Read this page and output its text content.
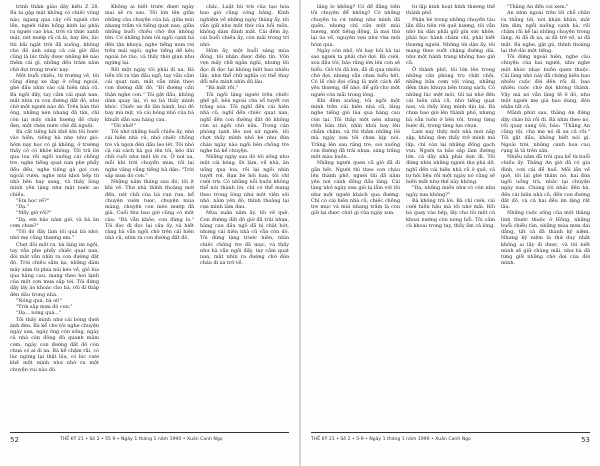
trình thăm giáo dây kiểu Z 28. Bà ta gặp mặt không có chiếc vòng nào, ngang qua cây cối người chờ lên, người tiệm hồng kinh lại phải ra người cao bùa, trời và thức xanh mát, nét mướp rũ cả lá, bay lên, lúc thì bãi ngắt trời đã xuống, không cho đỏ ánh sáng cả cái giờ đâu cũng là lúc thấy được những kẻ nào thêm cái gì, những đều trăm năm chờ đợi trong trước nay.

Một buổi chiều, từ trường về, tôi cũng dừng xe đạp ở cổng ngoài, ghé đầu nhìn vào cái hiên nhà cũ. Bà ngồi đấy, tay cầm cái quạt nan, mắt nhìn ra con đường đất đỏ, như chờ một người nào đó. Trên bàn thờ ông, những nén nhang đã tàn, chỉ còn lại mấy chân hương đỏ cháy đen, một chén nước chè đã nguội.

Bà cất tiếng hỏi khẽ khi tôi bước vào hiên, tiếng bà nhẹ như gió: hôm nay học có gì không, ở trường thầy cô có khỏe không. Tôi trả lời qua loa rồi ngồi xuống cái chõng tre, nghe tiếng quạt nan phe phẩy đều đều, nghe tiếng gà gọi con ngoài vườn, nghe mùi khói bếp từ nhà bên bay sang, và thấy lòng mình yên lặng như mặt nước ao chiều.

"Em học về?"

"Dạ."

"Mấy giờ rồi?"

"Dạ, em bảo năm giờ, và bà ăn cơm chưa?"

"Tối đó đây làm tôi quá bà nhớ, nhớ mẹ cũng thương em."

Chẹt đôi mắt ra, bà lặng im ngồi, tay vẫn phe phẩy chiếc quạt nan, đôi mắt vẫn nhìn ra con đường đất đỏ. Trời chiều sẫm lại, những đám mây xám từ phía núi kéo về, gió lùa qua hàng cau, mang theo hơi lạnh của một cơn mưa sắp tới. Tôi đứng dậy lấy áo khoác cho bà, rồi đi thắp đèn dầu trong nhà.

"Nóng quá, bà ơi!"

"Trời sắp mưa đó con."

"Dạ... nóng quá..."

Tôi thấy mình như cái bóng dưới ánh đèn. Bà kể cho tôi nghe chuyện ngày xưa, ngày ông còn sống, ngày cả nhà còn đông đủ quanh mâm cơm, ngày con đường đất đỏ còn chưa có ai đi xa. Bà kể chậm rãi, có lúc ngừng lại thật lâu, có lúc cười khẽ một mình như nhớ ra một chuyện vui nào đó.

Không ai biết trước được ngày mai sẽ ra sao. Tôi lớn lên giữa những câu chuyện của bà, giữa mùi nhang trầm và tiếng quạt nan, giữa những buổi chiều chờ đợi không tên. Có những hôm tôi ngồi cạnh bà đến tận khuya, nghe tiếng mưa rơi trên mái ngói, nghe tiếng dế kêu ngoài bờ rào, và thấy thời gian như ngừng lại.

Rồi một ngày tôi phải đi xa. Bà tiễn tôi ra tận đầu ngõ, tay vẫn cầm cái quạt nan, mắt vẫn nhìn theo con đường đất đỏ. "Đi đường cẩn thận nghe con." Tôi gật đầu, không dám quay lại, vì sợ bà thấy mình khóc. Chiếc xe đò lăn bánh, bụi đỏ bay mù mịt, và cái bóng nhỏ của bà khuất dần sau hàng cau.

"Tôi nhớ!"

Tôi nhớ những buổi chiều ấy, nhớ cái hiên nhà cũ, nhớ chiếc chõng tre và ngọn đèn dầu leo lét. Tôi nhớ cả cái cách bà gọi tên tôi, kéo dài chữ cuối như một lời ru. Ở nơi xa, mỗi khi trời chuyển mưa, tôi lại nghe văng vẳng tiếng bà dặn: "Trời sắp mưa đó con."

Những năm tháng sau đó, tôi ít khi về. Thư nhà thỉnh thoảng mới đến, nét chữ của bà run run, kể chuyện vườn tược, chuyện mùa màng, chuyện con mèo mướp đã già. Cuối thư bao giờ cũng có một câu: "Bà vẫn khỏe, con đừng lo." Tôi đọc đi đọc lại câu ấy, và biết rằng bà vẫn ngồi chờ trên cái hiên nhà cũ, nhìn ra con đường đất đỏ.

chắc. Luật bù trừ của tạo hóa bao giờ cũng công bằng. Kinh nghiệm về những ngày tháng ấy, tôi vẫn giữ như một thứ của hồi môn, không dám đánh mất. Cái đêm ấy, cái buổi chiều ấy, còn mãi trong trí nhớ.

Hôm ấy, một buổi sáng mùa đông, tôi nhận được điện tín. Vỏn vẹn mấy chữ ngắn ngủi, nhưng tôi đọc đi đọc lại không biết bao nhiêu lần, như thể chữ nghĩa có thể thay đổi nếu mình nhìn đủ lâu.

"Bà mất rồi."

Tôi ngồi lặng người trên chiếc ghế gỗ, bên ngoài cửa sổ tuyết rơi trắng xóa. Tôi nghĩ đến cái hiên nhà cũ, nghĩ đến chiếc quạt nan, nghĩ đến con đường đất đỏ không còn ai ngồi chờ nữa. Trong căn phòng lạnh lẽo nơi xứ người, tôi chợt thấy mình nhỏ bé như đứa cháu ngày nào ngồi bên chõng tre nghe bà kể chuyện.

Những ngày sau đó tôi sống như một cái bóng. Đi làm, về nhà, ăn uống qua loa, rồi lại ngồi nhìn tuyết rơi. Bạn bè hỏi han, tôi chỉ cười trừ. Có những nỗi buồn không thể nói thành lời, chỉ có thể mang theo trong lòng như một viên sỏi nhỏ, nằm yên đó, thỉnh thoảng lại cựa mình làm đau.

Mùa xuân năm ấy, tôi về quê. Con đường đất đỏ giờ đã trải nhựa, hàng cau đầu ngõ đã bị chặt bớt, nhưng cái hiên nhà cũ vẫn còn đó. Tôi đứng lặng trước hiên, nhìn chiếc chõng tre đã mục, và thấy như bà vẫn ngồi đấy, tay cầm quạt nan, mắt nhìn ra đường chờ đứa cháu đi xa trở về.

52	THẾ KỶ 21 • Số 2 • 55 9 • Ngày 1 tháng 1 năm 1990 • Xuân Canh Ngọ

lắng lo không? Có để đằng tiền tôi chuyện để không? Có những chuyện ta cứ tưởng như mình đã quên, nhưng chỉ cần một mùi hương, một tiếng động, là mọi thứ lại ùa về, nguyên vẹn như vừa mới hôm qua.

Ngày còn nhỏ, tôi hay hỏi bà tại sao người ta phải chờ đợi. Bà cười, xoa đầu tôi, bảo rằng lớn lên con sẽ hiểu. Giờ tôi đã lớn, đã đi qua nhiều chờ đợi, nhưng vẫn chưa hiểu hết. Có lẽ chờ đợi cũng là một cách để yêu thương, để nhớ, để giữ cho một người còn mãi trong lòng.

Khi đêm xuống, tôi ngồi một mình trên cái hiên nhà cũ, lắng nghe tiếng gió lùa qua hàng cau còn lại. Tôi thắp một nén nhang trên bàn thờ, nhìn khói bay lên chầm chậm, và thì thầm những lời mà ngày xưa tôi chưa kịp nói. Trăng lên sau rặng tre, soi xuống con đường đã trải nhựa, sáng trắng một màu buồn.

Những người quen cũ giờ đã đi gần hết. Người thì theo con cháu lên thành phố, người thì đã nằm yên nơi cánh đồng đầu làng. Cái làng nhỏ ngày xưa giờ lạ lẫm với tôi như một người khách qua đường. Chỉ có cái hiên nhà cũ, chiếc chõng tre mục và mùi nhang trầm là còn giữ lại được chút gì của ngày xưa.

tư lập kinh hoạt hình thương thể thành phố.

Phận bé trong những chuyến tàu lần đầu tiên rời quê hương, tôi vẫn nhớ bà dặn phải giữ gìn sức khỏe, phải học hành chăm chỉ, phải biết thương người. Những lời dặn ấy, tôi mang theo suốt chặng đường dài, như một hành trang không bao giờ cũ.

Ở thành phố, tôi lớn lên trong những căn phòng trọ chật chội, những bữa cơm vội vàng, những đêm thức khuya bên trang sách. Có những lúc mệt mỏi, tôi lại nhớ đến cái hiên nhà cũ, nhớ tiếng quạt nan, và thấy lòng mình dịu lại. Bà chưa bao giờ lên thành phố, nhưng bà vẫn luôn ở bên tôi, trong từng bước đi, trong từng lựa chọn.

Lam nay thấy một nhà mới nấp sập, không đơn thấy trở mình mà lấp, chỉ còn lại những đống gạch vụn. Người ta bảo sắp làm đường lớn, cả dãy nhà phải dọn đi. Tôi đứng nhìn những người thợ phá dỡ, nghĩ đến cái hiên nhà cũ ở quê, và tự hỏi liệu rồi một ngày nó cũng sẽ biến mất như thế này không.

"Dạ, những miền như có còn như ngày xưa không?"

Bà không trả lời. Bà chỉ cười, cái cười hiền hậu mà tôi nhớ mãi. Rồi bà quay vào bếp, lấy cho tôi một củ khoai nướng còn nóng hổi. Tôi cầm củ khoai trong tay, thấy ấm cả lòng.

"Thằng An đến coi xem."

An nhìn ngoài trên lối chỗ chân ra thẳng tới, nói khàn khàn, mắt lim dim, ngồi xuống cạnh bà, rồi chậm rãi kể lại những chuyện trong làng. Ai đã đi xa, ai đã trở về, ai đã mất. Bà nghe, gật gù, thỉnh thoảng lại thở dài một tiếng.

Tôi đứng ngoài hiên, nghe câu chuyện của hai người, như nghe một khúc nhạc buồn quen thuộc. Cái làng nhỏ này đã chứng kiến bao nhiêu cuộc đời đến rồi đi, bao nhiêu cuộc chờ đợi không thành. Vậy mà nó vẫn lặng lẽ ở đó, như một người mẹ già bao dung, đón nhận tất cả.

Mãnh phút sau, thằng An đứng dậy chào bà rồi đi. Bà nhìn theo nó, rồi quay sang tôi, bảo: "Thằng An cũng tội, cha mẹ nó đi xa cả rồi." Tôi gật đầu, không biết nói gì. Ngoài trời, những cánh hoa cau rụng lả tả trên sân.

Nhiều năm đã trôi qua kể từ buổi chiều ấy. Thằng An giờ đã có gia đình, con cái đề huề. Mỗi lần về quê, tôi lại ghé thăm nó, hai đứa ngồi uống trà, nhắc lại chuyện ngày xưa. Chúng tôi nhắc đến bà, đến cái hiên nhà cũ, đến con đường đất đỏ, và cả hai đều im lặng rất lâu.

Những cuộc sống của một thăng linh thước thuộc ở Hồng, những buổi chiều tàn, những mùa mưa dai dẳng, tất cả đã thành kỷ niệm. Nhưng kỷ niệm là thứ duy nhất không ai lấy đi được, và tôi biết mình sẽ giữ chúng mãi, như bà đã từng giữ những chờ đợi của đời mình.

THẾ KỶ 21 • Số 2 • 5-9 • Ngày 1 tháng 1 năm 1990 • Xuân Canh Ngọ	53
